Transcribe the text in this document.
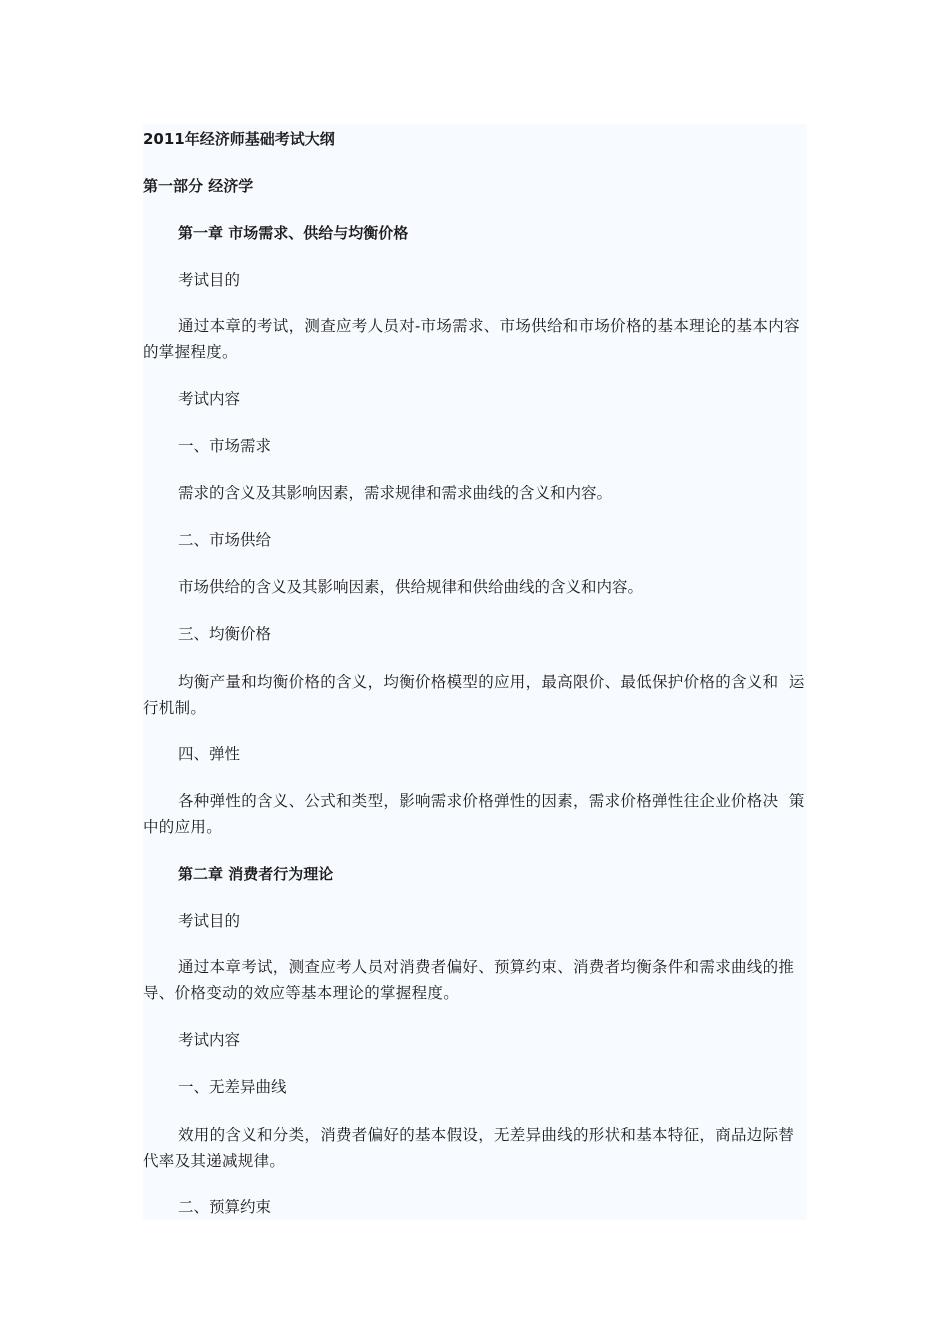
2011年经济师基础考试大纲
第一部分 经济学
第一章 市场需求、供给与均衡价格
考试目的
通过本章的考试，测查应考人员对-市场需求、市场供给和市场价格的基本理论的基本内容的掌握程度。
考试内容
一、市场需求
需求的含义及其影响因素，需求规律和需求曲线的含义和内容。
二、市场供给
市场供给的含义及其影响因素，供给规律和供给曲线的含义和内容。
三、均衡价格
均衡产量和均衡价格的含义，均衡价格模型的应用，最高限价、最低保护价格的含义和  运行机制。
四、弹性
各种弹性的含义、公式和类型，影响需求价格弹性的因素，需求价格弹性往企业价格决  策中的应用。
第二章 消费者行为理论
考试目的
通过本章考试，测查应考人员对消费者偏好、预算约束、消费者均衡条件和需求曲线的推导、价格变动的效应等基本理论的掌握程度。
考试内容
一、无差异曲线
效用的含义和分类，消费者偏好的基本假设，无差异曲线的形状和基本特征，商品边际替代率及其递减规律。
二、预算约束
